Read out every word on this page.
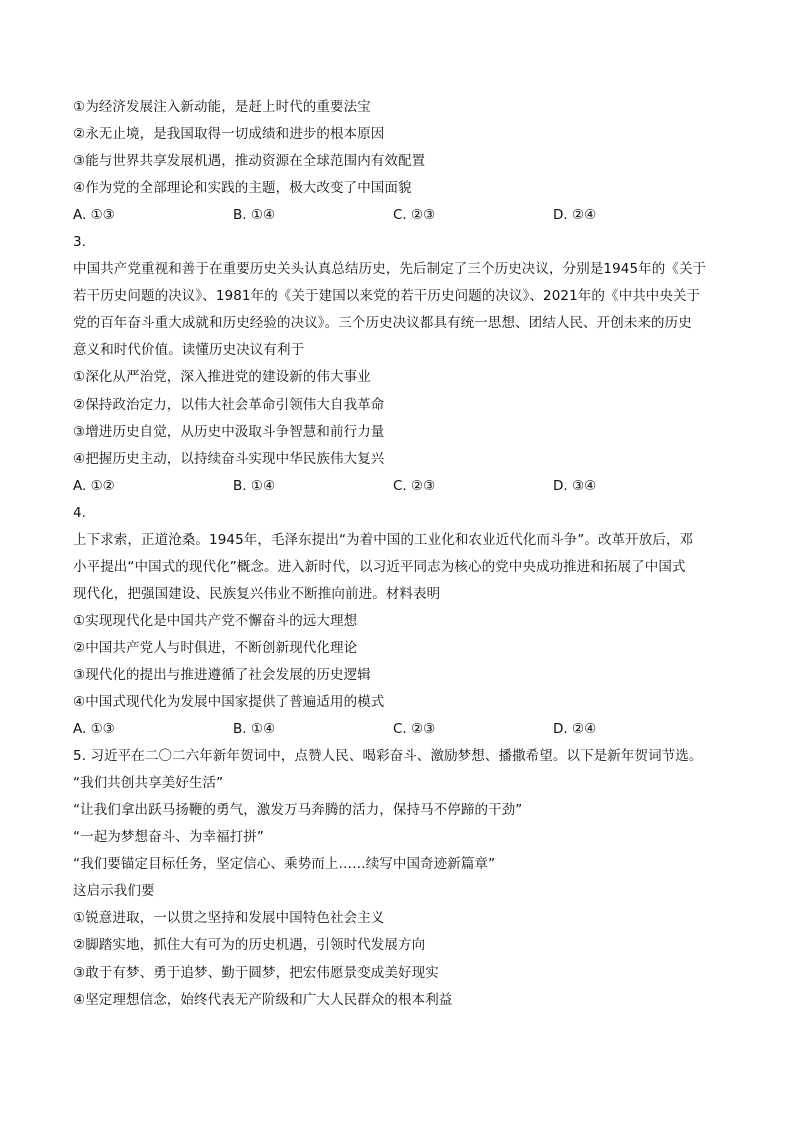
①为经济发展注入新动能，是赶上时代的重要法宝
②永无止境，是我国取得一切成绩和进步的根本原因
③能与世界共享发展机遇，推动资源在全球范围内有效配置
④作为党的全部理论和实践的主题，极大改变了中国面貌
A. ①③	B. ①④	C. ②③	D. ②④
3.
中国共产党重视和善于在重要历史关头认真总结历史，先后制定了三个历史决议，分别是1945年的《关于
若干历史问题的决议》、1981年的《关于建国以来党的若干历史问题的决议》、2021年的《中共中央关于
党的百年奋斗重大成就和历史经验的决议》。三个历史决议都具有统一思想、团结人民、开创未来的历史
意义和时代价值。读懂历史决议有利于
①深化从严治党，深入推进党的建设新的伟大事业
②保持政治定力，以伟大社会革命引领伟大自我革命
③增进历史自觉，从历史中汲取斗争智慧和前行力量
④把握历史主动，以持续奋斗实现中华民族伟大复兴
A. ①②	B. ①④	C. ②③	D. ③④
4.
上下求索，正道沧桑。1945年，毛泽东提出“为着中国的工业化和农业近代化而斗争”。改革开放后，邓
小平提出“中国式的现代化”概念。进入新时代，以习近平同志为核心的党中央成功推进和拓展了中国式
现代化，把强国建设、民族复兴伟业不断推向前进。材料表明
①实现现代化是中国共产党不懈奋斗的远大理想
②中国共产党人与时俱进，不断创新现代化理论
③现代化的提出与推进遵循了社会发展的历史逻辑
④中国式现代化为发展中国家提供了普遍适用的模式
A. ①③	B. ①④	C. ②③	D. ②④
5. 习近平在二〇二六年新年贺词中，点赞人民、喝彩奋斗、激励梦想、播撒希望。以下是新年贺词节选。
“我们共创共享美好生活”
“让我们拿出跃马扬鞭的勇气，激发万马奔腾的活力，保持马不停蹄的干劲”
“一起为梦想奋斗、为幸福打拼”
“我们要锚定目标任务，坚定信心、乘势而上……续写中国奇迹新篇章”
这启示我们要
①锐意进取，一以贯之坚持和发展中国特色社会主义
②脚踏实地，抓住大有可为的历史机遇，引领时代发展方向
③敢于有梦、勇于追梦、勤于圆梦，把宏伟愿景变成美好现实
④坚定理想信念，始终代表无产阶级和广大人民群众的根本利益
